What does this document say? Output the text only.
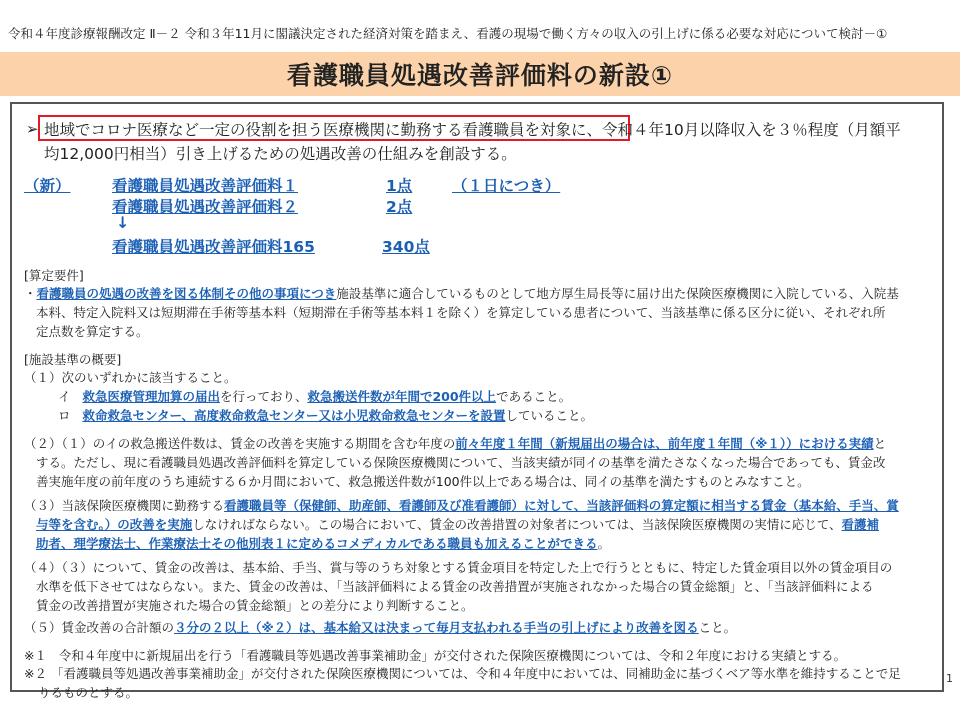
令和４年度診療報酬改定 Ⅱ－２ 令和３年11月に閣議決定された経済対策を踏まえ、看護の現場で働く方々の収入の引上げに係る必要な対応について検討－①
看護職員処遇改善評価料の新設①
➢ 地域でコロナ医療など一定の役割を担う医療機関に勤務する看護職員を対象に、令和４年10月以降収入を３％程度（月額平
均12,000円相当）引き上げるための処遇改善の仕組みを創設する。
（新）	看護職員処遇改善評価料１	1点	（１日につき）
看護職員処遇改善評価料２	2点
↓
看護職員処遇改善評価料165	340点
[算定要件]
・看護職員の処遇の改善を図る体制その他の事項につき施設基準に適合しているものとして地方厚生局長等に届け出た保険医療機関に入院している、入院基
本料、特定入院料又は短期滞在手術等基本料（短期滞在手術等基本料１を除く）を算定している患者について、当該基準に係る区分に従い、それぞれ所
定点数を算定する。
[施設基準の概要]
（１）次のいずれかに該当すること。
イ 救急医療管理加算の届出を行っており、救急搬送件数が年間で200件以上であること。
ロ 救命救急センター、高度救命救急センター又は小児救命救急センターを設置していること。
（２）（１）のイの救急搬送件数は、賃金の改善を実施する期間を含む年度の前々年度１年間（新規届出の場合は、前年度１年間（※１））における実績と
する。ただし、現に看護職員処遇改善評価料を算定している保険医療機関について、当該実績が同イの基準を満たさなくなった場合であっても、賃金改
善実施年度の前年度のうち連続する６か月間において、救急搬送件数が100件以上である場合は、同イの基準を満たすものとみなすこと。
（３）当該保険医療機関に勤務する看護職員等（保健師、助産師、看護師及び准看護師）に対して、当該評価料の算定額に相当する賃金（基本給、手当、賞
与等を含む。）の改善を実施しなければならない。この場合において、賃金の改善措置の対象者については、当該保険医療機関の実情に応じて、看護補
助者、理学療法士、作業療法士その他別表１に定めるコメディカルである職員も加えることができる。
（４）（３）について、賃金の改善は、基本給、手当、賞与等のうち対象とする賃金項目を特定した上で行うとともに、特定した賃金項目以外の賃金項目の
水準を低下させてはならない。また、賃金の改善は、「当該評価料による賃金の改善措置が実施されなかった場合の賃金総額」と、「当該評価料による
賃金の改善措置が実施された場合の賃金総額」との差分により判断すること。
（５）賃金改善の合計額の３分の２以上（※２）は、基本給又は決まって毎月支払われる手当の引上げにより改善を図ること。
※１ 令和４年度中に新規届出を行う「看護職員等処遇改善事業補助金」が交付された保険医療機関については、令和２年度における実績とする。
※２ 「看護職員等処遇改善事業補助金」が交付された保険医療機関については、令和４年度中においては、同補助金に基づくベア等水準を維持することで足
りるものとする。
1
